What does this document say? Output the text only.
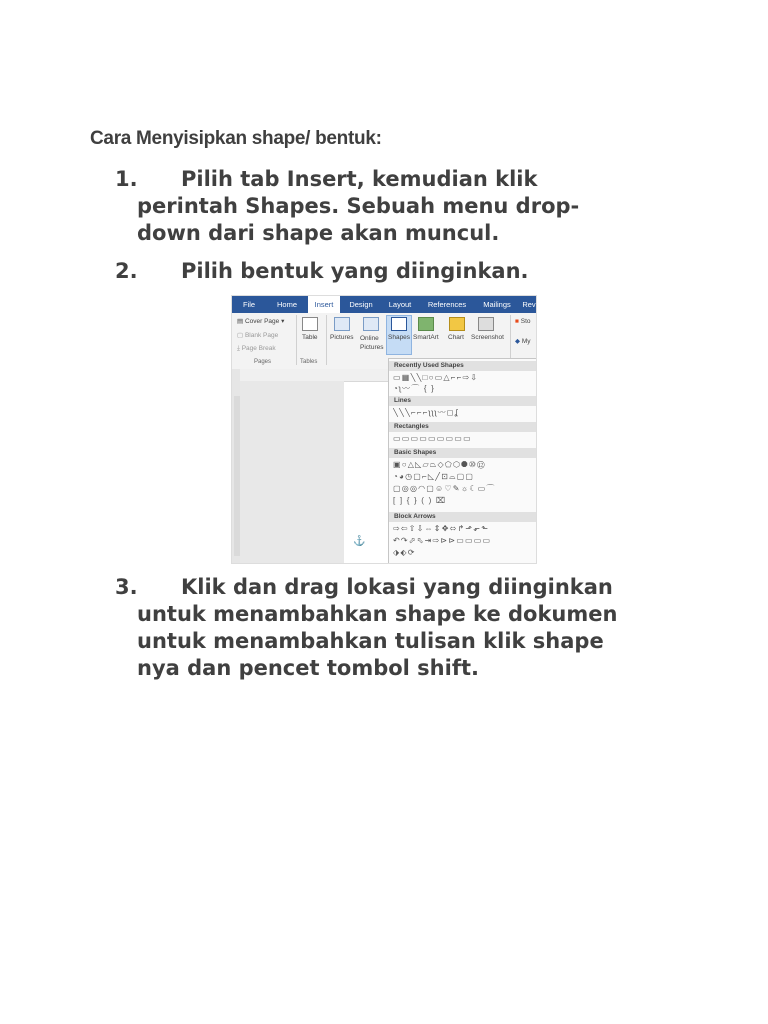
Cara Menyisipkan shape/ bentuk:
1.	Pilih tab Insert, kemudian klik perintah Shapes. Sebuah menu drop-down dari shape akan muncul.
2.	Pilih bentuk yang diinginkan.
File	Home	Insert	Design	Layout	References	Mailings	Rev
▤ Cover Page ▾
▢ Blank Page
⤓ Page Break
Pages
Table
Tables
Pictures Online Pictures
Shapes SmartArt Chart Screenshot
■ Sto
◆ My
⚓
Recently Used Shapes
▭▦╲╲□○▭△⌐⌐⇨⇩
◔ʅ〰⌒ { }
Lines
╲╲╲⌐⌐⌐ʅʅʅ〰◻ʆ
Rectangles
▭▭▭▭▭▭▭▭▭
Basic Shapes
▣○△◺▱⏢◇⬠⬡⯃⑩⑫
◔◕◷▢⌐◺╱⊡⌓▢▢
▢◎◎◠▢☺♡✎☼☾▭⌒
[ ] { } ( ) ⌧
Block Arrows
⇨⇦⇧⇩⇔⇕✥⬄↱⬏⬐⬑
↶↷⬀⬁⇥⇨⊳⊳▭▭▭▭
⬗⬖⟳
3.	Klik dan drag lokasi yang diinginkan untuk menambahkan shape ke dokumen untuk menambahkan tulisan klik shape nya dan pencet tombol shift.
